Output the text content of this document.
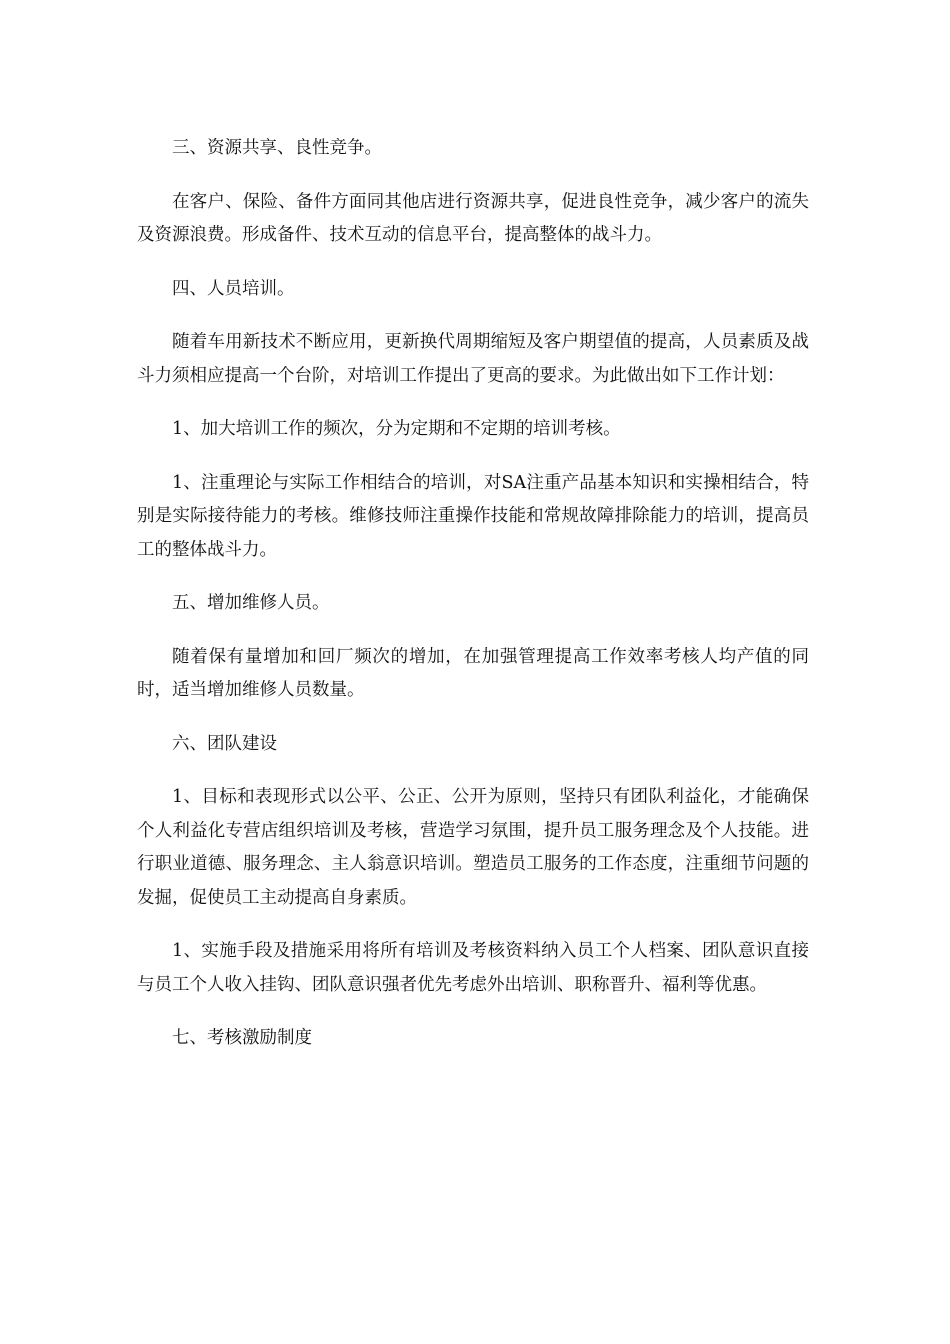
三、资源共享、良性竞争。

在客户、保险、备件方面同其他店进行资源共享，促进良性竞争，减少客户的流失及资源浪费。形成备件、技术互动的信息平台，提高整体的战斗力。

四、人员培训。

随着车用新技术不断应用，更新换代周期缩短及客户期望值的提高，人员素质及战斗力须相应提高一个台阶，对培训工作提出了更高的要求。为此做出如下工作计划：

1、加大培训工作的频次，分为定期和不定期的培训考核。

1、注重理论与实际工作相结合的培训，对SA注重产品基本知识和实操相结合，特别是实际接待能力的考核。维修技师注重操作技能和常规故障排除能力的培训，提高员工的整体战斗力。

五、增加维修人员。

随着保有量增加和回厂频次的增加，在加强管理提高工作效率考核人均产值的同时，适当增加维修人员数量。

六、团队建设

1、目标和表现形式以公平、公正、公开为原则，坚持只有团队利益化，才能确保个人利益化专营店组织培训及考核，营造学习氛围，提升员工服务理念及个人技能。进行职业道德、服务理念、主人翁意识培训。塑造员工服务的工作态度，注重细节问题的发掘，促使员工主动提高自身素质。

1、实施手段及措施采用将所有培训及考核资料纳入员工个人档案、团队意识直接与员工个人收入挂钩、团队意识强者优先考虑外出培训、职称晋升、福利等优惠。

七、考核激励制度
